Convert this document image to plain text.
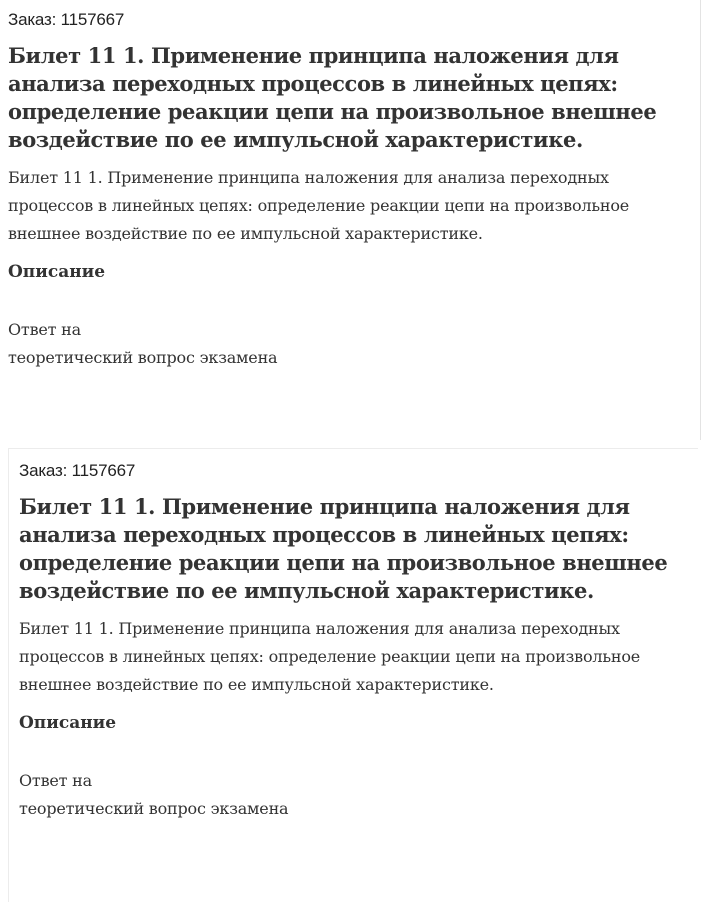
Заказ: 1157667
Билет 11 1. Применение принципа наложения для анализа переходных процессов в линейных цепях: определение реакции цепи на произвольное внешнее воздействие по ее импульсной характеристике.
Билет 11 1. Применение принципа наложения для анализа переходных процессов в линейных цепях: определение реакции цепи на произвольное внешнее воздействие по ее импульсной характеристике.
Описание
Ответ на
теоретический вопрос экзамена
Заказ: 1157667
Билет 11 1. Применение принципа наложения для анализа переходных процессов в линейных цепях: определение реакции цепи на произвольное внешнее воздействие по ее импульсной характеристике.
Билет 11 1. Применение принципа наложения для анализа переходных процессов в линейных цепях: определение реакции цепи на произвольное внешнее воздействие по ее импульсной характеристике.
Описание
Ответ на
теоретический вопрос экзамена
